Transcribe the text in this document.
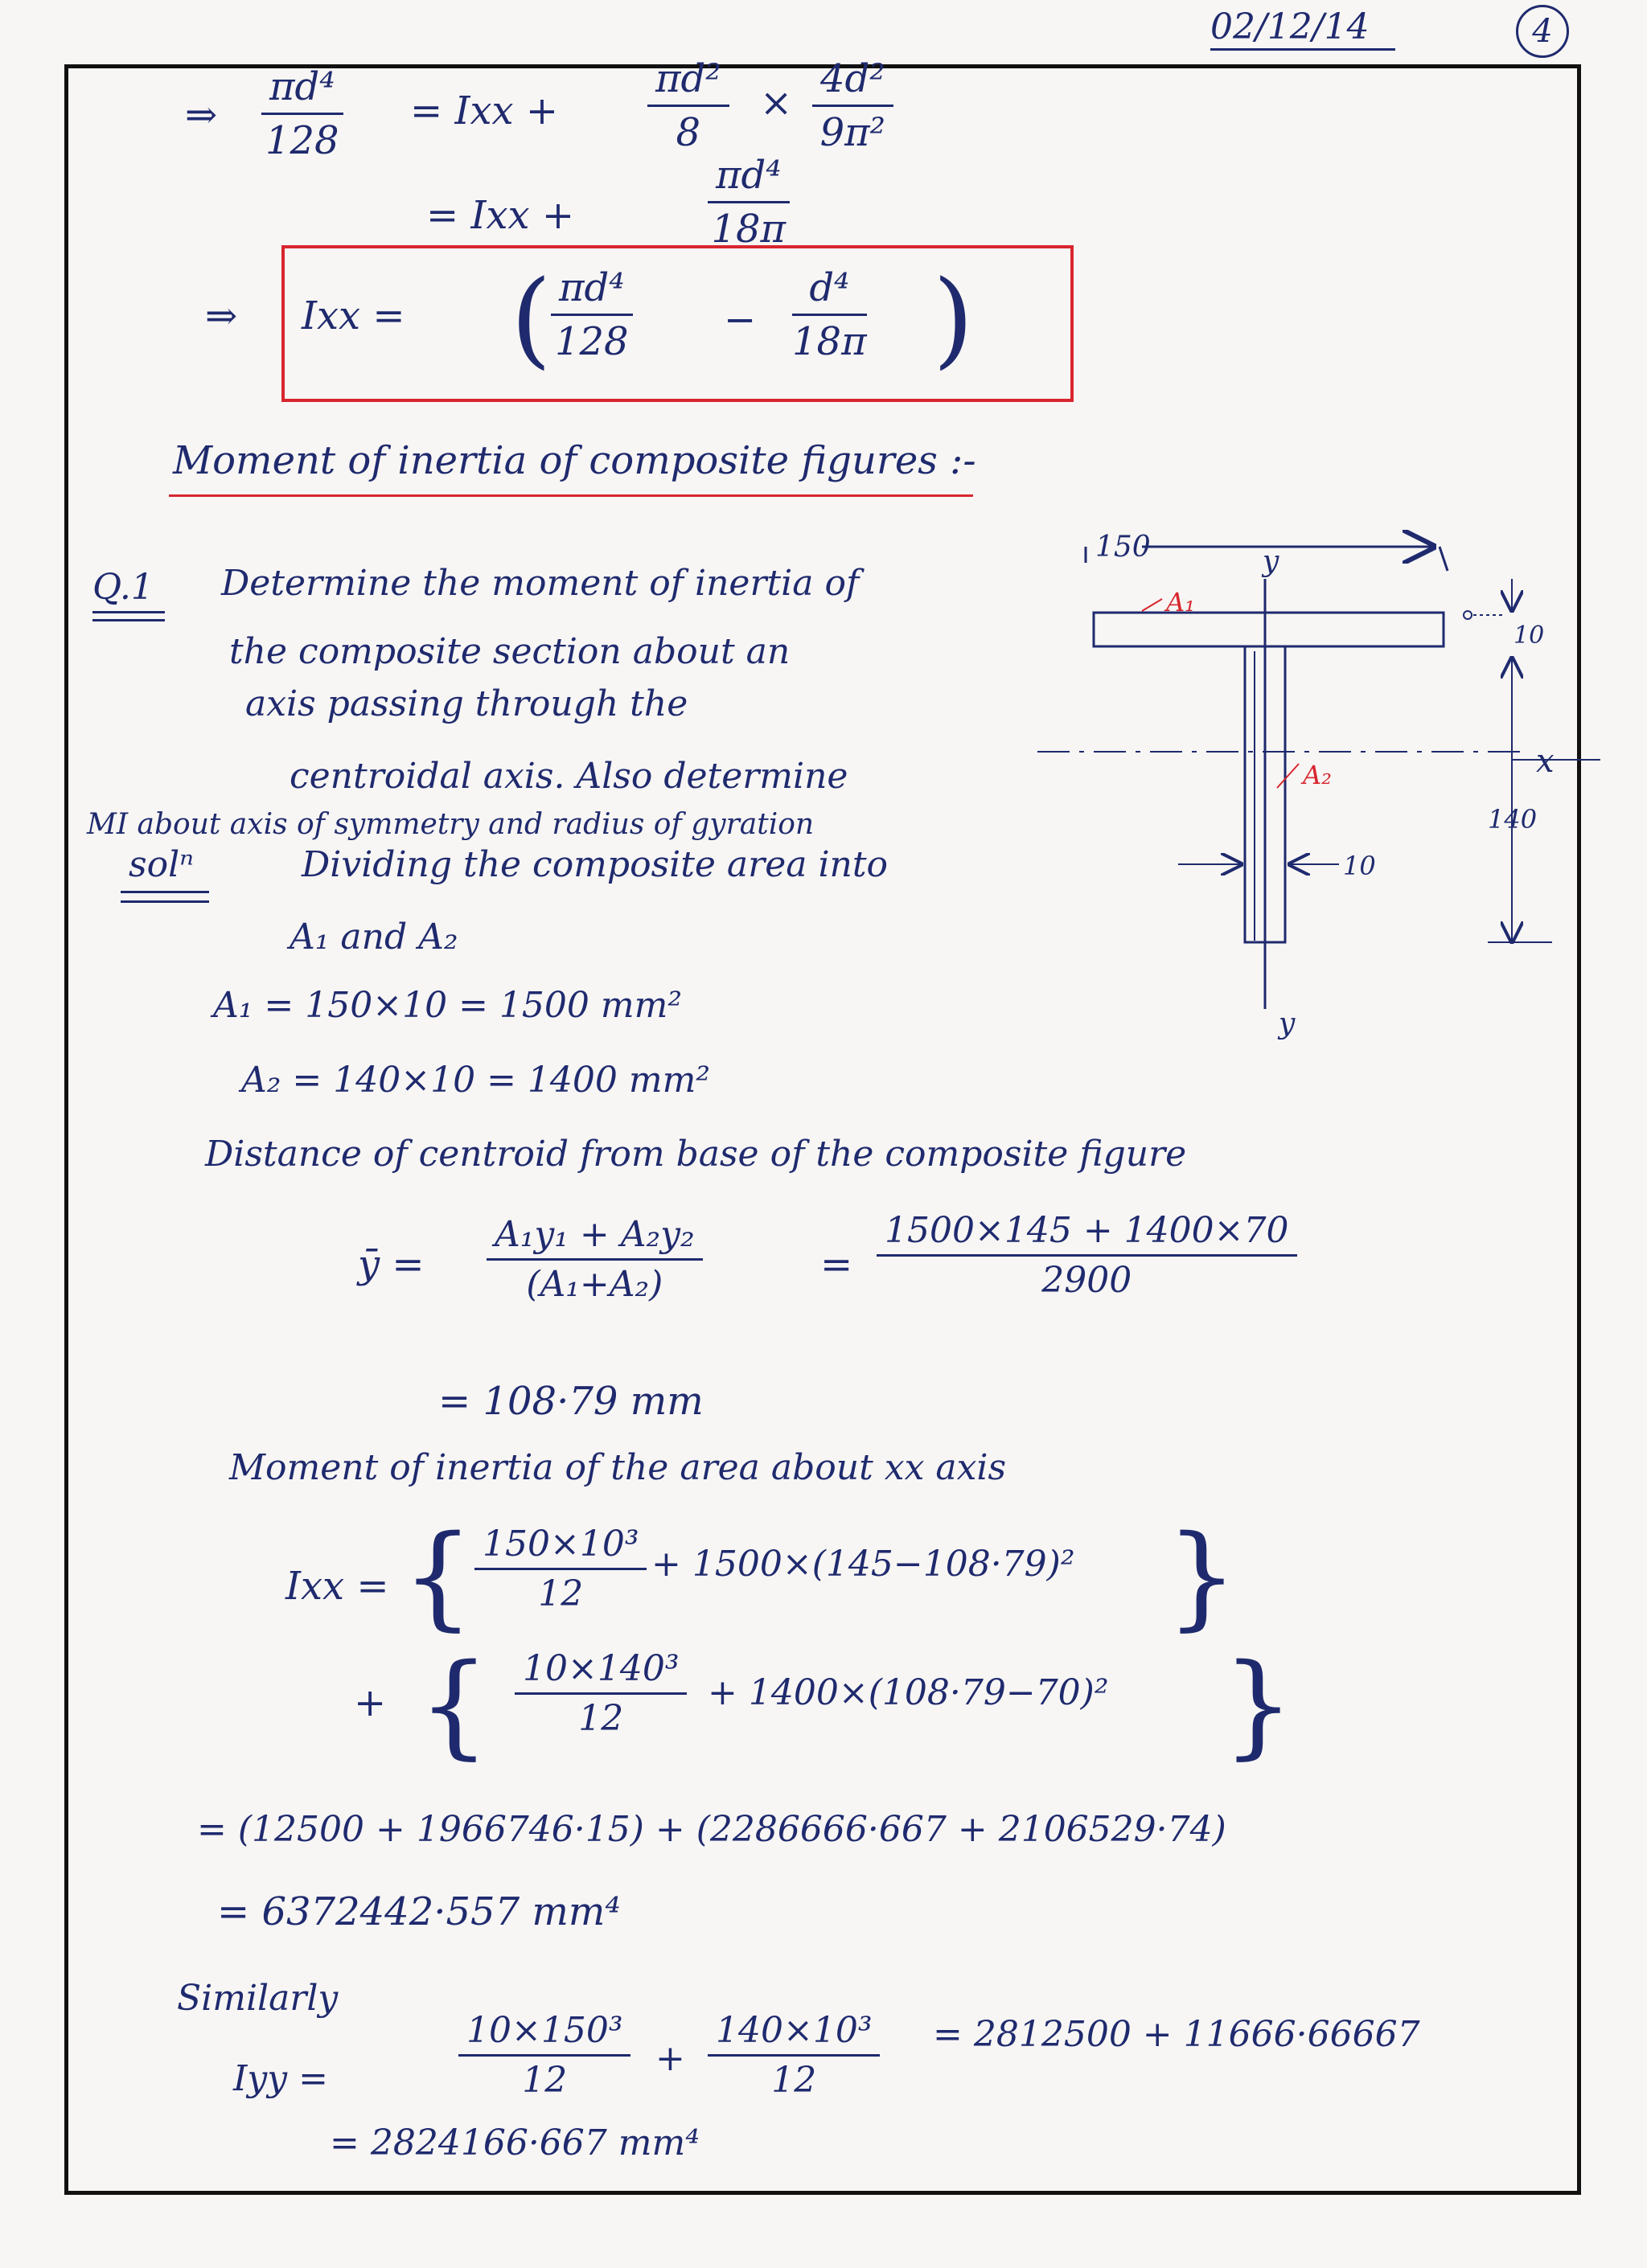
02/12/14	4
⇒ $\frac{\text{πd⁴}}{128}$ = Ixx + $\frac{\text{πd²}}{8} \times \frac{\text{4d²}}{\text{9π²}}$
= Ixx +	$\frac{\text{πd⁴}}{18\pi}$
⇒ Ixx = ( $\frac{\text{πd⁴}}{128} - \frac{\text{d⁴}}{18\pi}$ )
Moment of inertia of composite figures :-
Q.1 Determine the moment of inertia of
the composite section about an
axis passing through the
centroidal axis. Also determine
MI about axis of symmetry and radius of gyration
solⁿ	Dividing the composite area into
A₁ and A₂
A₁ = 150×10 = 1500 mm²
A₂ = 140×10 = 1400 mm²
Distance of centroid from base of the composite figure
ȳ = $\frac{\text{A₁y₁ + A₂y₂}}{\text{(A₁+A₂)}}$	= $\frac{1500\times 145 + 1400\times 70}{2900}$
= 108·79 mm
Moment of inertia of the area about xx axis
Ixx = { $\frac{\text{150×10³}}{12} + 1500\times(145-108\cdot 79)^2$ }
+ { $\frac{\text{10×140³}}{12} + 1400\times(108\cdot 79-70)^2$ }
= (12500 + 1966746·15) + (2286666·667 + 2106529·74)
= 6372442·557 mm⁴
Similarly
Iyy =	$\frac{\text{10×150³}}{12} + \frac{\text{140×10³}}{12} = 2812500 + 11666\cdot 66667$
= 2824166·667 mm⁴
150	y
y
A₁
x
A₂
10
140
10
